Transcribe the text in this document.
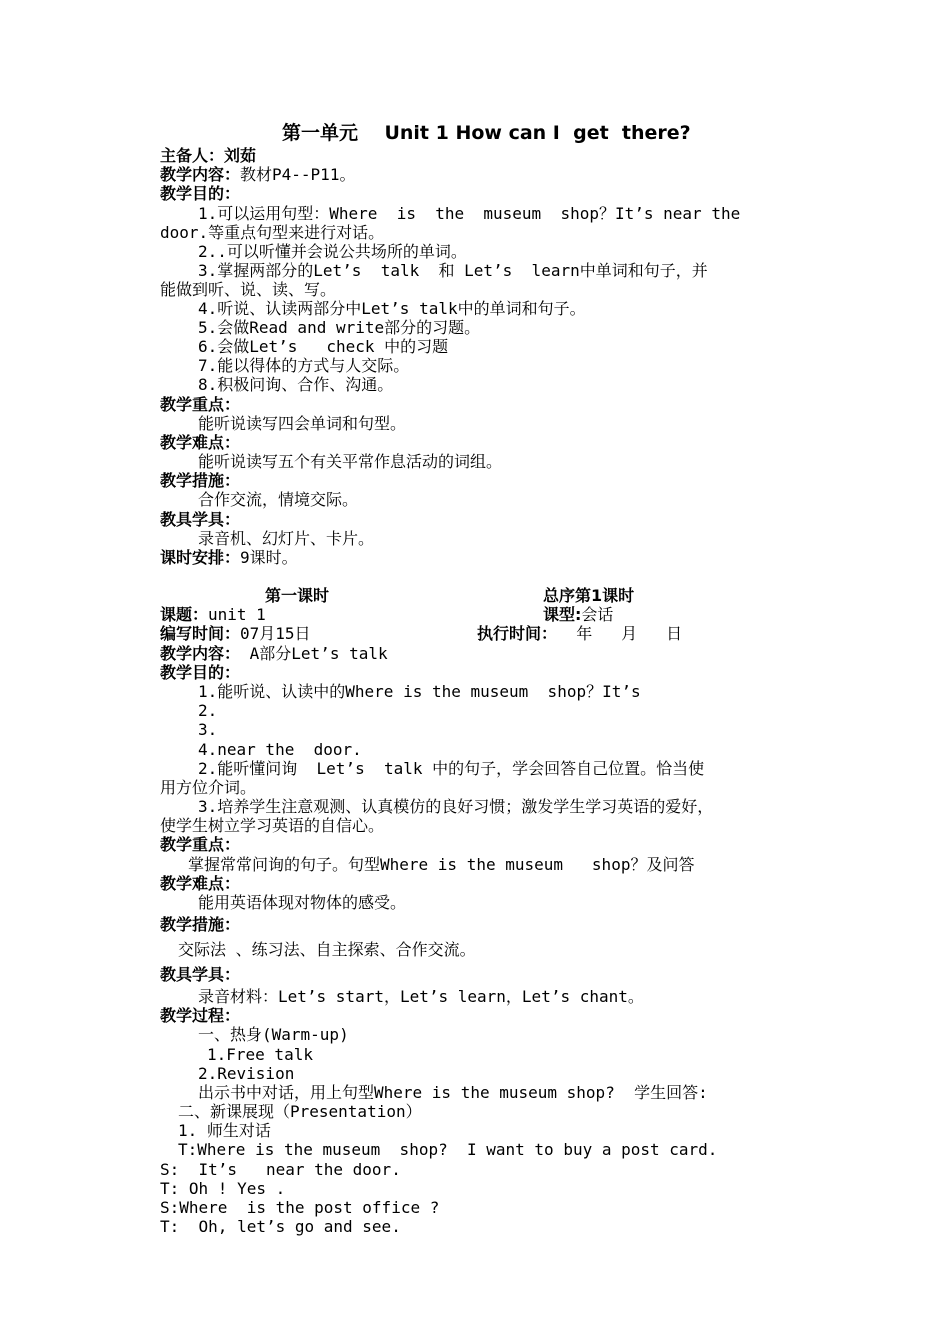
第一单元    Unit 1 How can I  get  there?
主备人：刘茹
教学内容：教材P4--P11。
教学目的：
1.可以运用句型：Where  is  the  museum  shop？It’s near the
door.等重点句型来进行对话。
2..可以听懂并会说公共场所的单词。
3.掌握两部分的Let’s  talk  和 Let’s  learn中单词和句子，并
能做到听、说、读、写。
4.听说、认读两部分中Let’s talk中的单词和句子。
5.会做Read and write部分的习题。
6.会做Let’s   check 中的习题
7.能以得体的方式与人交际。
8.积极问询、合作、沟通。
教学重点：
能听说读写四会单词和句型。
教学难点：
能听说读写五个有关平常作息活动的词组。
教学措施：
合作交流，情境交际。
教具学具：
录音机、幻灯片、卡片。
课时安排：9课时。
第一课时	总序第1课时
课题：unit 1	课型:会话
编写时间：07月15日	执行时间：  年   月   日
教学内容： A部分Let’s talk
教学目的：
1.能听说、认读中的Where is the museum  shop？It’s
2.
3.
4.near the  door.
2.能听懂问询  Let’s  talk 中的句子，学会回答自己位置。恰当使
用方位介词。
3.培养学生注意观测、认真模仿的良好习惯；激发学生学习英语的爱好，
使学生树立学习英语的自信心。
教学重点：
掌握常常问询的句子。句型Where is the museum   shop？及问答
教学难点：
能用英语体现对物体的感受。
教学措施：
交际法 、练习法、自主探索、合作交流。
教具学具：
录音材料：Let’s start，Let’s learn，Let’s chant。
教学过程：
一、热身(Warm-up)
1.Free talk
2.Revision
出示书中对话，用上句型Where is the museum shop?  学生回答:
二、新课展现（Presentation）
1. 师生对话
T:Where is the museum  shop?  I want to buy a post card.
S:  It’s   near the door.
T: Oh ! Yes .
S:Where  is the post office ?
T:  Oh, let’s go and see.
